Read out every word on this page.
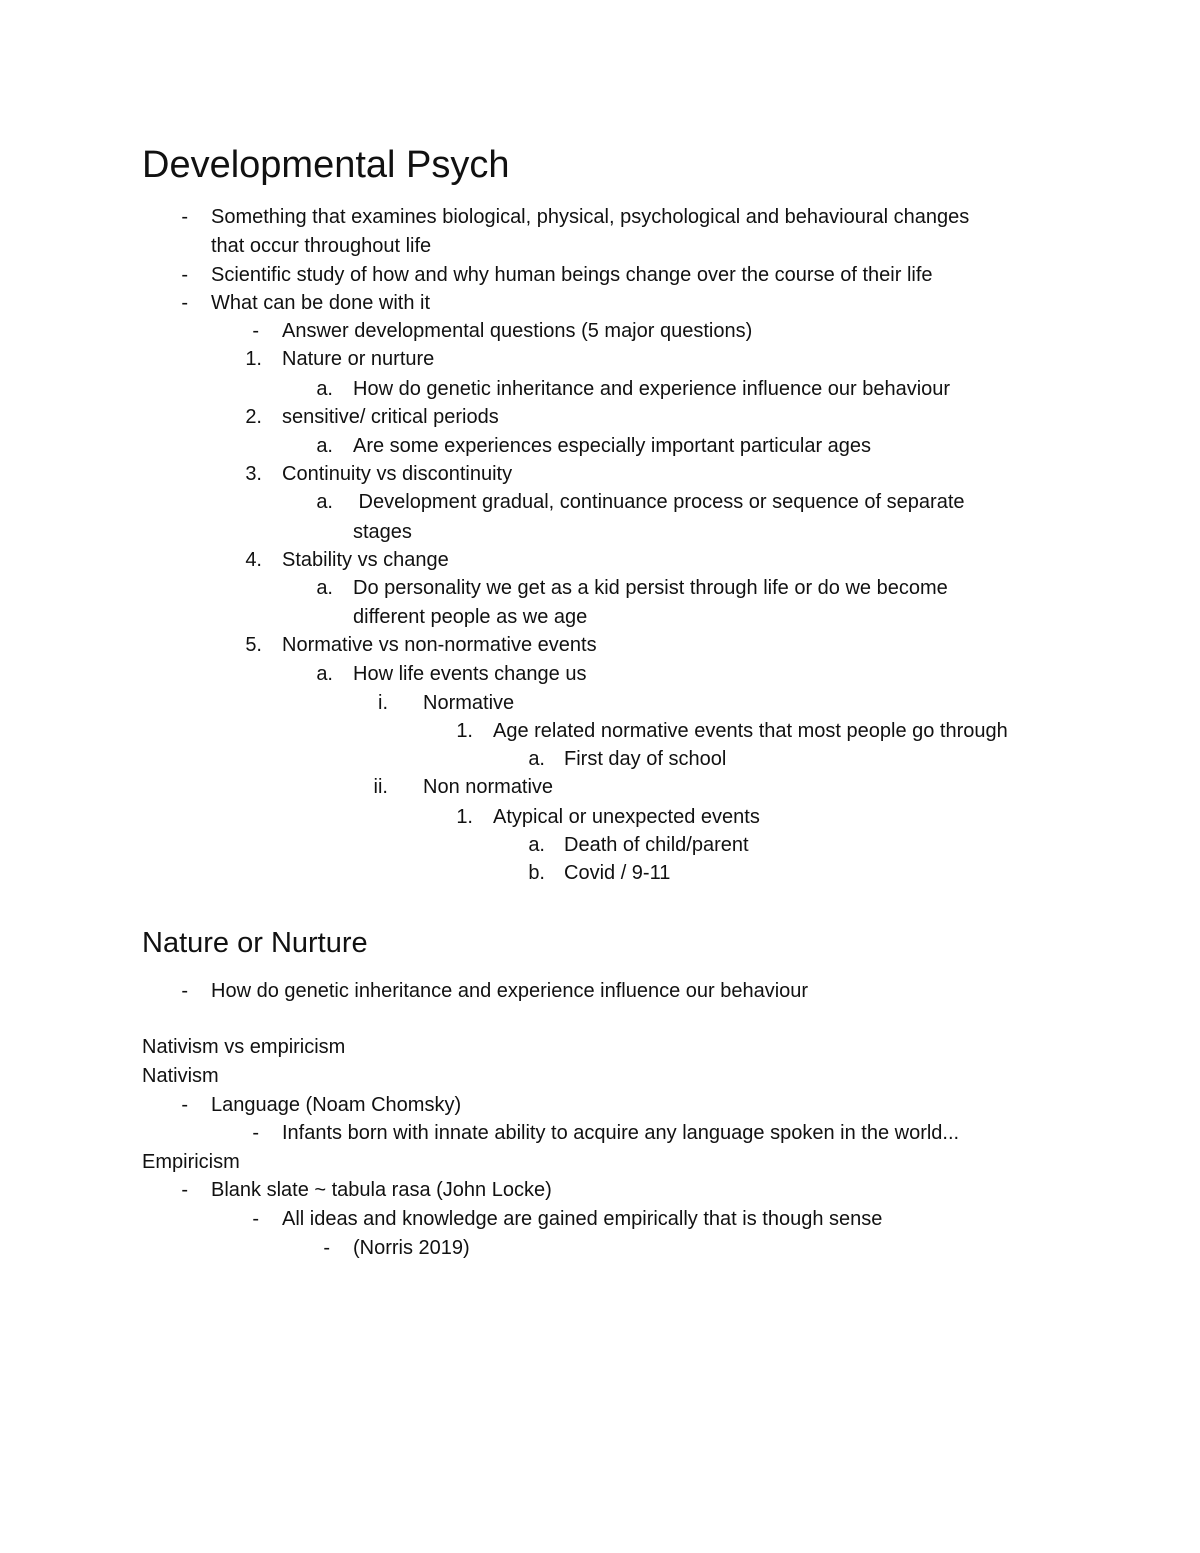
Developmental Psych
- Something that examines biological, physical, psychological and behavioural changes
that occur throughout life
- Scientific study of how and why human beings change over the course of their life
- What can be done with it
- Answer developmental questions (5 major questions)
1. Nature or nurture
a. How do genetic inheritance and experience influence our behaviour
2. sensitive/ critical periods
a. Are some experiences especially important particular ages
3. Continuity vs discontinuity
a. Development gradual, continuance process or sequence of separate
stages
4. Stability vs change
a. Do personality we get as a kid persist through life or do we become
different people as we age
5. Normative vs non-normative events
a. How life events change us
i. Normative
1. Age related normative events that most people go through
a. First day of school
ii. Non normative
1. Atypical or unexpected events
a. Death of child/parent
b. Covid / 9-11
Nature or Nurture
- How do genetic inheritance and experience influence our behaviour
Nativism vs empiricism
Nativism
- Language (Noam Chomsky)
- Infants born with innate ability to acquire any language spoken in the world...
Empiricism
- Blank slate ~ tabula rasa (John Locke)
- All ideas and knowledge are gained empirically that is though sense
- (Norris 2019)
